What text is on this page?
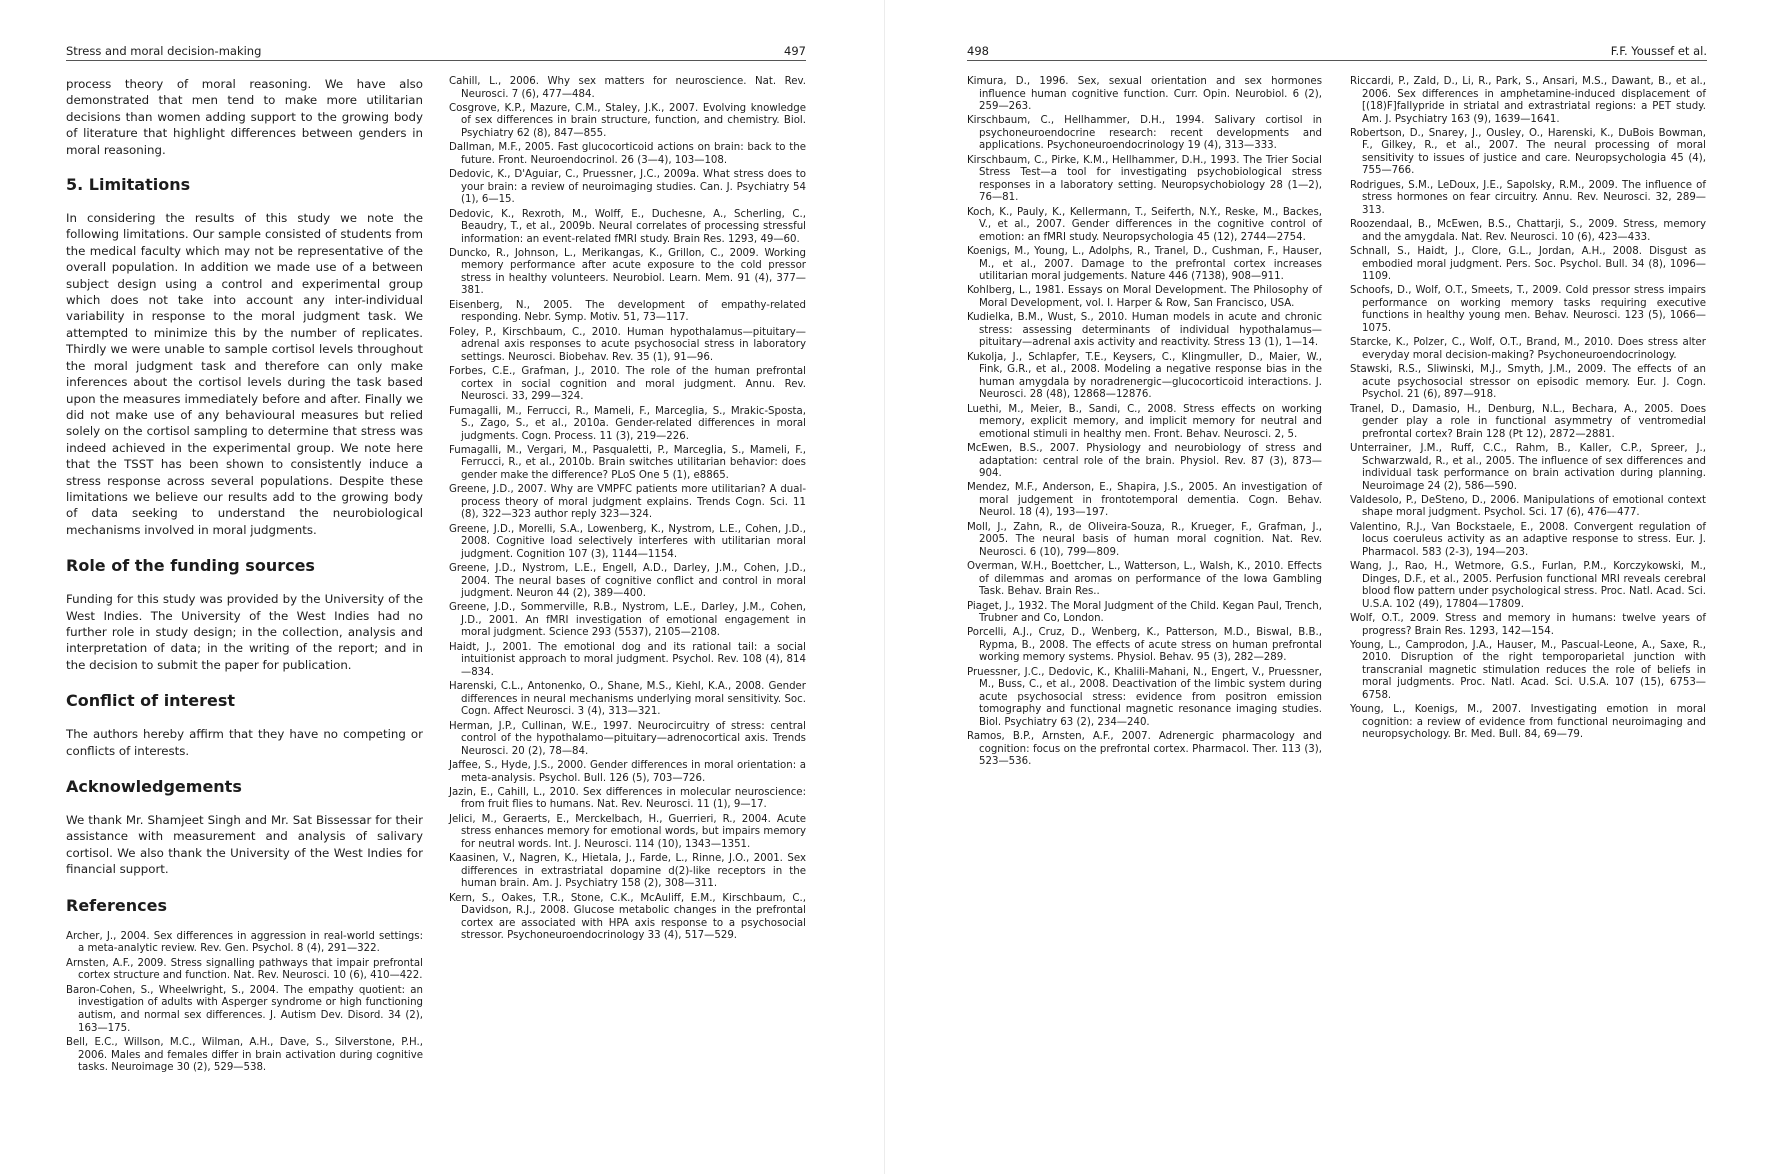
Stress and moral decision-making	497

process theory of moral reasoning. We have also demonstrated that men tend to make more utilitarian decisions than women adding support to the growing body of literature that highlight differences between genders in moral reasoning.

5. Limitations

In considering the results of this study we note the following limitations. Our sample consisted of students from the medical faculty which may not be representative of the overall population. In addition we made use of a between subject design using a control and experimental group which does not take into account any inter-individual variability in response to the moral judgment task. We attempted to minimize this by the number of replicates. Thirdly we were unable to sample cortisol levels throughout the moral judgment task and therefore can only make inferences about the cortisol levels during the task based upon the measures immediately before and after. Finally we did not make use of any behavioural measures but relied solely on the cortisol sampling to determine that stress was indeed achieved in the experimental group. We note here that the TSST has been shown to consistently induce a stress response across several populations. Despite these limitations we believe our results add to the growing body of data seeking to understand the neurobiological mechanisms involved in moral judgments.

Role of the funding sources

Funding for this study was provided by the University of the West Indies. The University of the West Indies had no further role in study design; in the collection, analysis and interpretation of data; in the writing of the report; and in the decision to submit the paper for publication.

Conflict of interest

The authors hereby affirm that they have no competing or conflicts of interests.

Acknowledgements

We thank Mr. Shamjeet Singh and Mr. Sat Bissessar for their assistance with measurement and analysis of salivary cortisol. We also thank the University of the West Indies for financial support.

References
Archer, J., 2004. Sex differences in aggression in real-world settings: a meta-analytic review. Rev. Gen. Psychol. 8 (4), 291—322.
Arnsten, A.F., 2009. Stress signalling pathways that impair prefrontal cortex structure and function. Nat. Rev. Neurosci. 10 (6), 410—422.
Baron-Cohen, S., Wheelwright, S., 2004. The empathy quotient: an investigation of adults with Asperger syndrome or high functioning autism, and normal sex differences. J. Autism Dev. Disord. 34 (2), 163—175.
Bell, E.C., Willson, M.C., Wilman, A.H., Dave, S., Silverstone, P.H., 2006. Males and females differ in brain activation during cognitive tasks. Neuroimage 30 (2), 529—538.
Cahill, L., 2006. Why sex matters for neuroscience. Nat. Rev. Neurosci. 7 (6), 477—484.
Cosgrove, K.P., Mazure, C.M., Staley, J.K., 2007. Evolving knowledge of sex differences in brain structure, function, and chemistry. Biol. Psychiatry 62 (8), 847—855.
Dallman, M.F., 2005. Fast glucocorticoid actions on brain: back to the future. Front. Neuroendocrinol. 26 (3—4), 103—108.
Dedovic, K., D'Aguiar, C., Pruessner, J.C., 2009a. What stress does to your brain: a review of neuroimaging studies. Can. J. Psychiatry 54 (1), 6—15.
Dedovic, K., Rexroth, M., Wolff, E., Duchesne, A., Scherling, C., Beaudry, T., et al., 2009b. Neural correlates of processing stressful information: an event-related fMRI study. Brain Res. 1293, 49—60.
Duncko, R., Johnson, L., Merikangas, K., Grillon, C., 2009. Working memory performance after acute exposure to the cold pressor stress in healthy volunteers. Neurobiol. Learn. Mem. 91 (4), 377—381.
Eisenberg, N., 2005. The development of empathy-related responding. Nebr. Symp. Motiv. 51, 73—117.
Foley, P., Kirschbaum, C., 2010. Human hypothalamus—pituitary—adrenal axis responses to acute psychosocial stress in laboratory settings. Neurosci. Biobehav. Rev. 35 (1), 91—96.
Forbes, C.E., Grafman, J., 2010. The role of the human prefrontal cortex in social cognition and moral judgment. Annu. Rev. Neurosci. 33, 299—324.
Fumagalli, M., Ferrucci, R., Mameli, F., Marceglia, S., Mrakic-Sposta, S., Zago, S., et al., 2010a. Gender-related differences in moral judgments. Cogn. Process. 11 (3), 219—226.
Fumagalli, M., Vergari, M., Pasqualetti, P., Marceglia, S., Mameli, F., Ferrucci, R., et al., 2010b. Brain switches utilitarian behavior: does gender make the difference? PLoS One 5 (1), e8865.
Greene, J.D., 2007. Why are VMPFC patients more utilitarian? A dual-process theory of moral judgment explains. Trends Cogn. Sci. 11 (8), 322—323 author reply 323—324.
Greene, J.D., Morelli, S.A., Lowenberg, K., Nystrom, L.E., Cohen, J.D., 2008. Cognitive load selectively interferes with utilitarian moral judgment. Cognition 107 (3), 1144—1154.
Greene, J.D., Nystrom, L.E., Engell, A.D., Darley, J.M., Cohen, J.D., 2004. The neural bases of cognitive conflict and control in moral judgment. Neuron 44 (2), 389—400.
Greene, J.D., Sommerville, R.B., Nystrom, L.E., Darley, J.M., Cohen, J.D., 2001. An fMRI investigation of emotional engagement in moral judgment. Science 293 (5537), 2105—2108.
Haidt, J., 2001. The emotional dog and its rational tail: a social intuitionist approach to moral judgment. Psychol. Rev. 108 (4), 814—834.
Harenski, C.L., Antonenko, O., Shane, M.S., Kiehl, K.A., 2008. Gender differences in neural mechanisms underlying moral sensitivity. Soc. Cogn. Affect Neurosci. 3 (4), 313—321.
Herman, J.P., Cullinan, W.E., 1997. Neurocircuitry of stress: central control of the hypothalamo—pituitary—adrenocortical axis. Trends Neurosci. 20 (2), 78—84.
Jaffee, S., Hyde, J.S., 2000. Gender differences in moral orientation: a meta-analysis. Psychol. Bull. 126 (5), 703—726.
Jazin, E., Cahill, L., 2010. Sex differences in molecular neuroscience: from fruit flies to humans. Nat. Rev. Neurosci. 11 (1), 9—17.
Jelici, M., Geraerts, E., Merckelbach, H., Guerrieri, R., 2004. Acute stress enhances memory for emotional words, but impairs memory for neutral words. Int. J. Neurosci. 114 (10), 1343—1351.
Kaasinen, V., Nagren, K., Hietala, J., Farde, L., Rinne, J.O., 2001. Sex differences in extrastriatal dopamine d(2)-like receptors in the human brain. Am. J. Psychiatry 158 (2), 308—311.
Kern, S., Oakes, T.R., Stone, C.K., McAuliff, E.M., Kirschbaum, C., Davidson, R.J., 2008. Glucose metabolic changes in the prefrontal cortex are associated with HPA axis response to a psychosocial stressor. Psychoneuroendocrinology 33 (4), 517—529.
498	F.F. Youssef et al.
Kimura, D., 1996. Sex, sexual orientation and sex hormones influence human cognitive function. Curr. Opin. Neurobiol. 6 (2), 259—263.
Kirschbaum, C., Hellhammer, D.H., 1994. Salivary cortisol in psychoneuroendocrine research: recent developments and applications. Psychoneuroendocrinology 19 (4), 313—333.
Kirschbaum, C., Pirke, K.M., Hellhammer, D.H., 1993. The Trier Social Stress Test—a tool for investigating psychobiological stress responses in a laboratory setting. Neuropsychobiology 28 (1—2), 76—81.
Koch, K., Pauly, K., Kellermann, T., Seiferth, N.Y., Reske, M., Backes, V., et al., 2007. Gender differences in the cognitive control of emotion: an fMRI study. Neuropsychologia 45 (12), 2744—2754.
Koenigs, M., Young, L., Adolphs, R., Tranel, D., Cushman, F., Hauser, M., et al., 2007. Damage to the prefrontal cortex increases utilitarian moral judgements. Nature 446 (7138), 908—911.
Kohlberg, L., 1981. Essays on Moral Development. The Philosophy of Moral Development, vol. I. Harper & Row, San Francisco, USA.
Kudielka, B.M., Wust, S., 2010. Human models in acute and chronic stress: assessing determinants of individual hypothalamus—pituitary—adrenal axis activity and reactivity. Stress 13 (1), 1—14.
Kukolja, J., Schlapfer, T.E., Keysers, C., Klingmuller, D., Maier, W., Fink, G.R., et al., 2008. Modeling a negative response bias in the human amygdala by noradrenergic—glucocorticoid interactions. J. Neurosci. 28 (48), 12868—12876.
Luethi, M., Meier, B., Sandi, C., 2008. Stress effects on working memory, explicit memory, and implicit memory for neutral and emotional stimuli in healthy men. Front. Behav. Neurosci. 2, 5.
McEwen, B.S., 2007. Physiology and neurobiology of stress and adaptation: central role of the brain. Physiol. Rev. 87 (3), 873—904.
Mendez, M.F., Anderson, E., Shapira, J.S., 2005. An investigation of moral judgement in frontotemporal dementia. Cogn. Behav. Neurol. 18 (4), 193—197.
Moll, J., Zahn, R., de Oliveira-Souza, R., Krueger, F., Grafman, J., 2005. The neural basis of human moral cognition. Nat. Rev. Neurosci. 6 (10), 799—809.
Overman, W.H., Boettcher, L., Watterson, L., Walsh, K., 2010. Effects of dilemmas and aromas on performance of the Iowa Gambling Task. Behav. Brain Res..
Piaget, J., 1932. The Moral Judgment of the Child. Kegan Paul, Trench, Trubner and Co, London.
Porcelli, A.J., Cruz, D., Wenberg, K., Patterson, M.D., Biswal, B.B., Rypma, B., 2008. The effects of acute stress on human prefrontal working memory systems. Physiol. Behav. 95 (3), 282—289.
Pruessner, J.C., Dedovic, K., Khalili-Mahani, N., Engert, V., Pruessner, M., Buss, C., et al., 2008. Deactivation of the limbic system during acute psychosocial stress: evidence from positron emission tomography and functional magnetic resonance imaging studies. Biol. Psychiatry 63 (2), 234—240.
Ramos, B.P., Arnsten, A.F., 2007. Adrenergic pharmacology and cognition: focus on the prefrontal cortex. Pharmacol. Ther. 113 (3), 523—536.
Riccardi, P., Zald, D., Li, R., Park, S., Ansari, M.S., Dawant, B., et al., 2006. Sex differences in amphetamine-induced displacement of [(18)F]fallypride in striatal and extrastriatal regions: a PET study. Am. J. Psychiatry 163 (9), 1639—1641.
Robertson, D., Snarey, J., Ousley, O., Harenski, K., DuBois Bowman, F., Gilkey, R., et al., 2007. The neural processing of moral sensitivity to issues of justice and care. Neuropsychologia 45 (4), 755—766.
Rodrigues, S.M., LeDoux, J.E., Sapolsky, R.M., 2009. The influence of stress hormones on fear circuitry. Annu. Rev. Neurosci. 32, 289—313.
Roozendaal, B., McEwen, B.S., Chattarji, S., 2009. Stress, memory and the amygdala. Nat. Rev. Neurosci. 10 (6), 423—433.
Schnall, S., Haidt, J., Clore, G.L., Jordan, A.H., 2008. Disgust as embodied moral judgment. Pers. Soc. Psychol. Bull. 34 (8), 1096—1109.
Schoofs, D., Wolf, O.T., Smeets, T., 2009. Cold pressor stress impairs performance on working memory tasks requiring executive functions in healthy young men. Behav. Neurosci. 123 (5), 1066—1075.
Starcke, K., Polzer, C., Wolf, O.T., Brand, M., 2010. Does stress alter everyday moral decision-making? Psychoneuroendocrinology.
Stawski, R.S., Sliwinski, M.J., Smyth, J.M., 2009. The effects of an acute psychosocial stressor on episodic memory. Eur. J. Cogn. Psychol. 21 (6), 897—918.
Tranel, D., Damasio, H., Denburg, N.L., Bechara, A., 2005. Does gender play a role in functional asymmetry of ventromedial prefrontal cortex? Brain 128 (Pt 12), 2872—2881.
Unterrainer, J.M., Ruff, C.C., Rahm, B., Kaller, C.P., Spreer, J., Schwarzwald, R., et al., 2005. The influence of sex differences and individual task performance on brain activation during planning. Neuroimage 24 (2), 586—590.
Valdesolo, P., DeSteno, D., 2006. Manipulations of emotional context shape moral judgment. Psychol. Sci. 17 (6), 476—477.
Valentino, R.J., Van Bockstaele, E., 2008. Convergent regulation of locus coeruleus activity as an adaptive response to stress. Eur. J. Pharmacol. 583 (2-3), 194—203.
Wang, J., Rao, H., Wetmore, G.S., Furlan, P.M., Korczykowski, M., Dinges, D.F., et al., 2005. Perfusion functional MRI reveals cerebral blood flow pattern under psychological stress. Proc. Natl. Acad. Sci. U.S.A. 102 (49), 17804—17809.
Wolf, O.T., 2009. Stress and memory in humans: twelve years of progress? Brain Res. 1293, 142—154.
Young, L., Camprodon, J.A., Hauser, M., Pascual-Leone, A., Saxe, R., 2010. Disruption of the right temporoparietal junction with transcranial magnetic stimulation reduces the role of beliefs in moral judgments. Proc. Natl. Acad. Sci. U.S.A. 107 (15), 6753—6758.
Young, L., Koenigs, M., 2007. Investigating emotion in moral cognition: a review of evidence from functional neuroimaging and neuropsychology. Br. Med. Bull. 84, 69—79.
